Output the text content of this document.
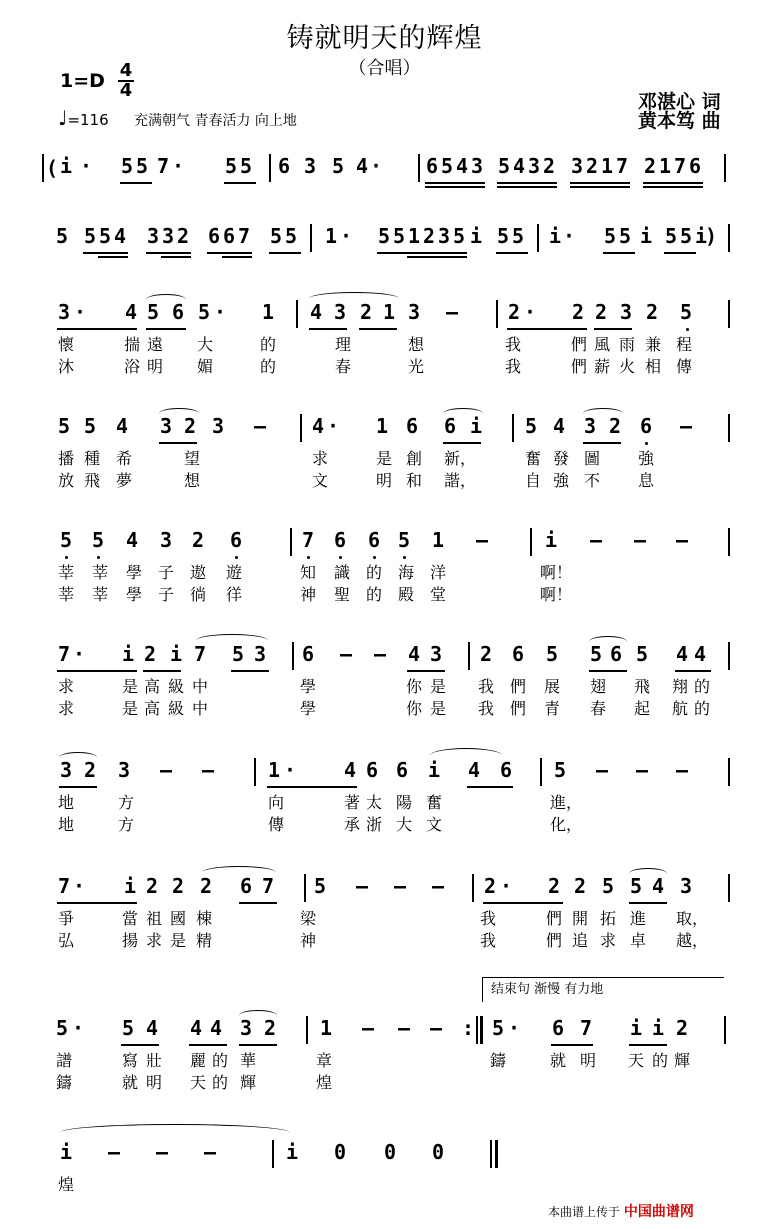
铸就明天的辉煌
（合唱）
1=D 4
4
♩=116 充满朝气 青春活力 向上地
邓湛心 词
黄本笃 曲
( i · 5 5 7 · 5 5 6 3 5 4 · 6 5 4 3 5 4 3 2 3 2 1 7 2 1 7 6
5 5 5 4 3 3 2 6 6 7 5 5 1 · 5 5 1 2 3 5 i 5 5 i · 5 5 i 5 5 i
)
3 · 4 5 6 5 · 1 4 3 2 1 3 – 2 · 2 2 3 2 5
懷	揣 遠 大	的	理	想	我	們 風 雨 兼 程
沐	浴 明 媚	的	春	光	我	們 薪 火 相 傳
5 5 4 3 2 3 – 4 · 1 6 6 i 5 4 3 2 6 –
播 種 希	望	求	是 創 新，	奮 發 圖 強
放 飛 夢	想	文	明 和 諧，	自 強 不 息
5 5 4 3 2 6	7 6 6 5 1 –	i – – –
莘 莘 學 子 遨 遊	知 識 的 海 洋	啊！
莘 莘 學 子 徜 徉	神 聖 的 殿 堂	啊！
7 · i 2 i 7 5 3 6 – – 4 3 2 6 5 5 6 5 4 4
求	是 高 級 中	學	你 是 我 們 展 翅 飛 翔 的
求	是 高 級 中	學	你 是 我 們 青 春 起 航 的
3 2 3 – –	1 · 4 6 6 i 4 6 5 – – –
地	方	向	著 太 陽 奮	進，
地	方	傳	承 浙 大 文	化，
7 · i 2 2 2 6 7 5 – – – 2 · 2 2 5 5 4 3
爭	當 祖 國 棟	梁	我	們 開 拓 進 取，
弘	揚 求 是 精	神	我	們 追 求 卓 越，
结束句 渐慢 有力地
5 · 5 4 4 4 3 2 1 – – – : 5 · 6 7 i i 2
譜	寫 壯 麗 的 華	章	鑄	就 明 天 的 輝
鑄	就 明 天 的 輝	煌
i – – –	i 0 0 0
煌
本曲谱上传于 中国曲谱网
